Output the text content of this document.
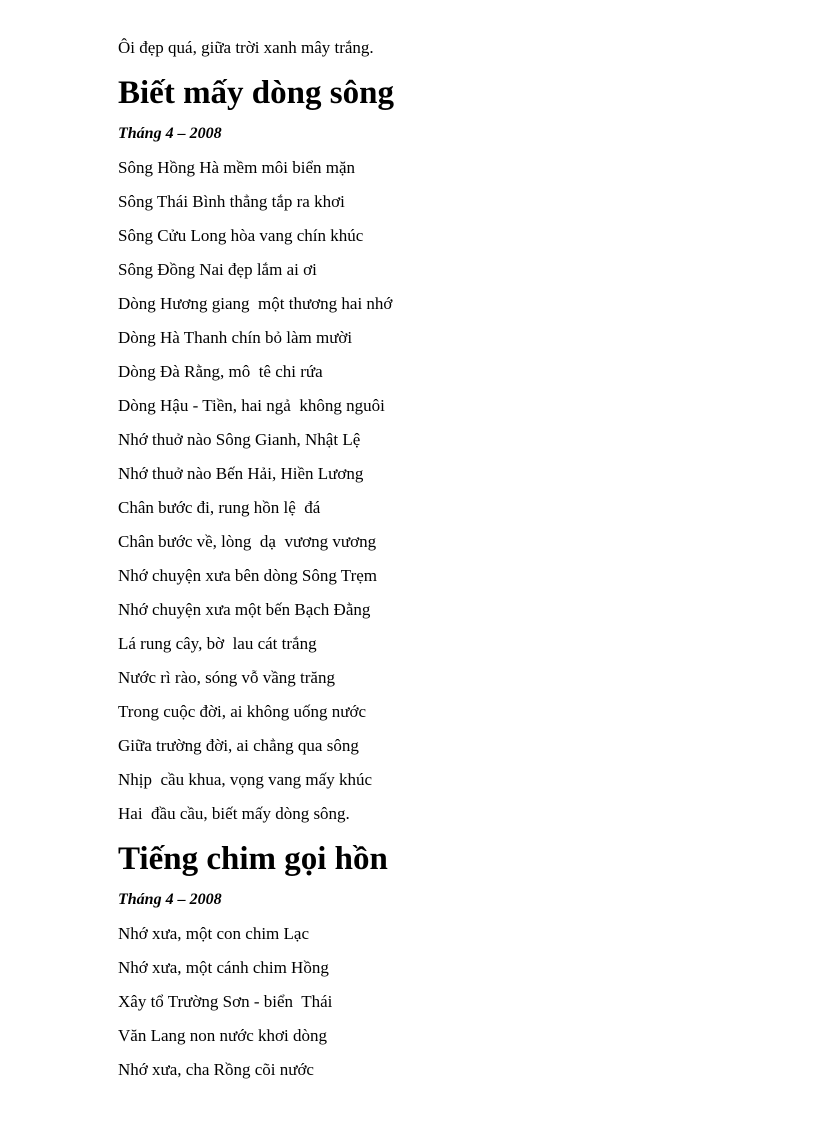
Ôi đẹp quá, giữa trời xanh mây trắng.
Biết mấy dòng sông
Tháng 4 – 2008
Sông Hồng Hà mềm môi biển mặn
Sông Thái Bình thẳng tắp ra khơi
Sông Cửu Long hòa vang chín khúc
Sông Đồng Nai đẹp lắm ai ơi
Dòng Hương giang  một thương hai nhớ
Dòng Hà Thanh chín bỏ làm mười
Dòng Đà Rằng, mô  tê chi rứa
Dòng Hậu - Tiền, hai ngả  không nguôi
Nhớ thuở nào Sông Gianh, Nhật Lệ
Nhớ thuở nào Bến Hải, Hiền Lương
Chân bước đi, rung hồn lệ  đá
Chân bước về, lòng  dạ  vương vương
Nhớ chuyện xưa bên dòng Sông Trẹm
Nhớ chuyện xưa một bến Bạch Đằng
Lá rung cây, bờ  lau cát trắng
Nước rì rào, sóng vỗ vầng trăng
Trong cuộc đời, ai không uống nước
Giữa trường đời, ai chẳng qua sông
Nhịp  cầu khua, vọng vang mấy khúc
Hai  đầu cầu, biết mấy dòng sông.
Tiếng chim gọi hồn
Tháng 4 – 2008
Nhớ xưa, một con chim Lạc
Nhớ xưa, một cánh chim Hồng
Xây tổ Trường Sơn - biển  Thái
Văn Lang non nước khơi dòng
Nhớ xưa, cha Rồng cõi nước
